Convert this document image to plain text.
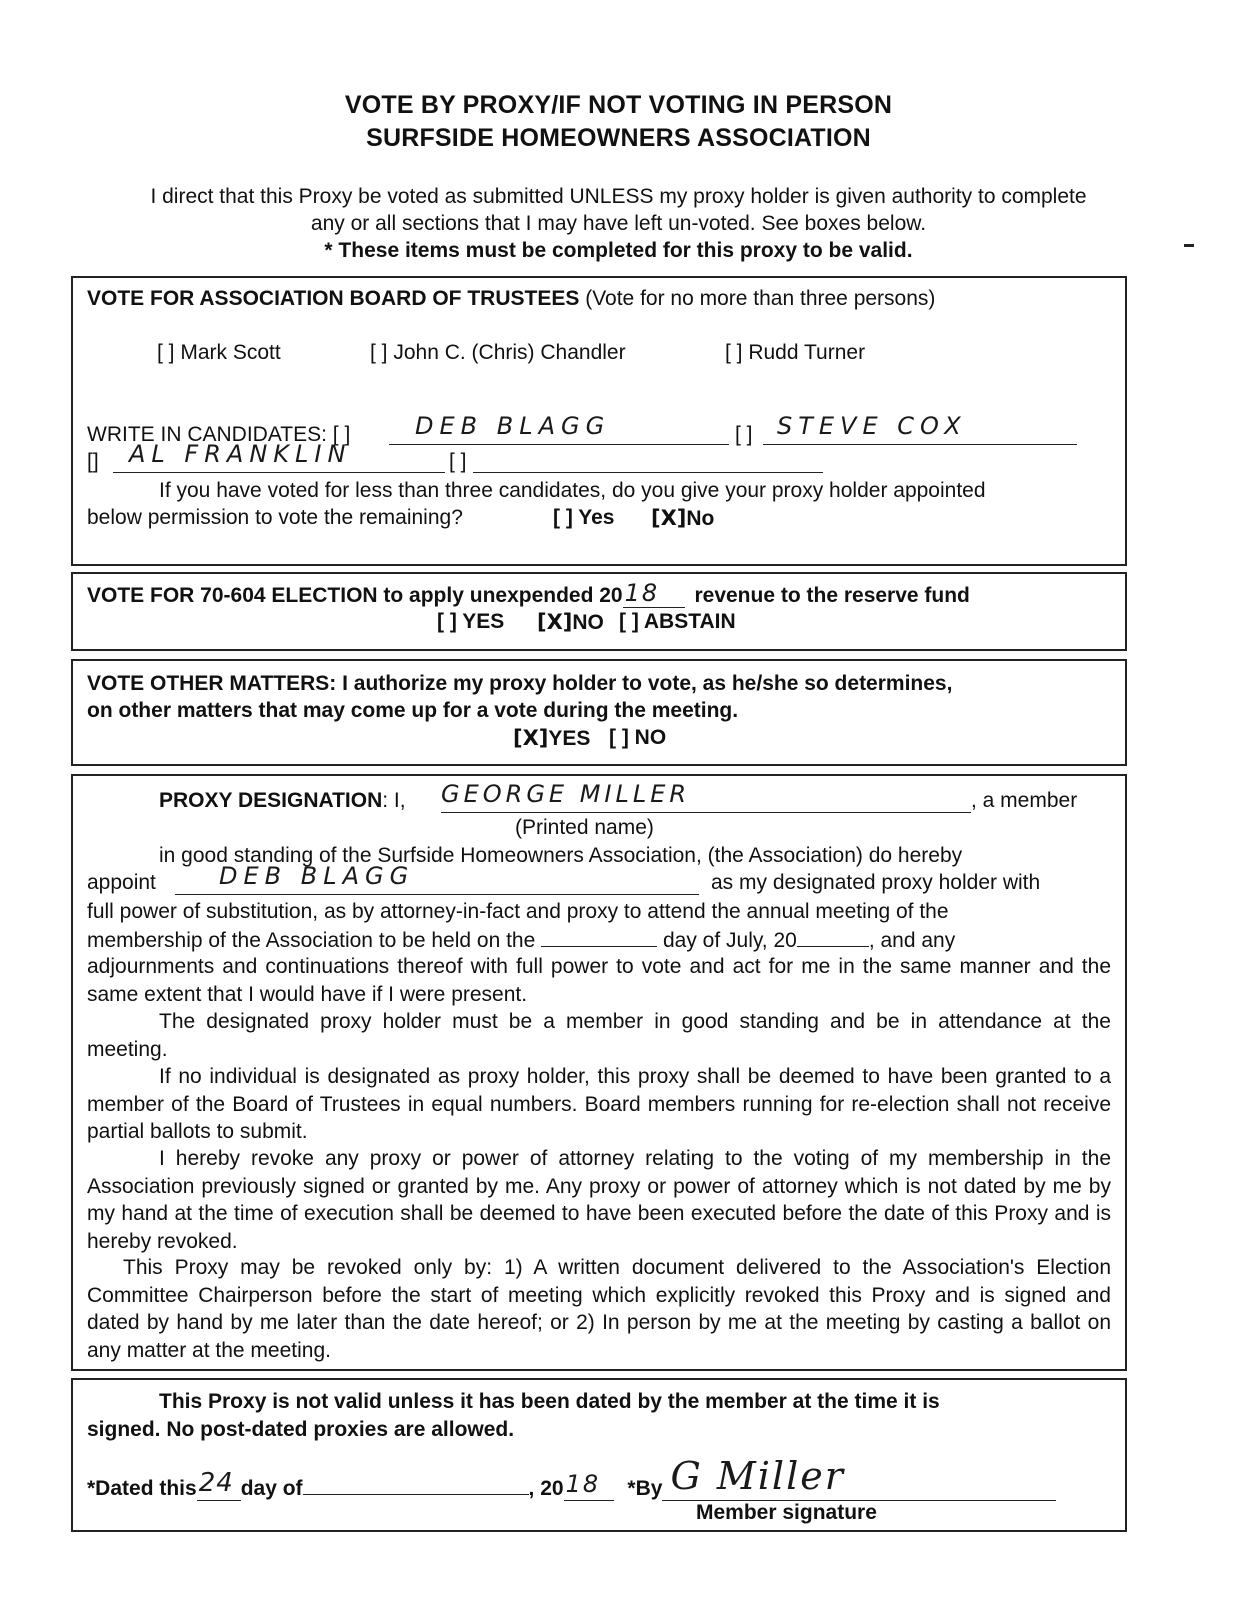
VOTE BY PROXY/IF NOT VOTING IN PERSON
SURFSIDE HOMEOWNERS ASSOCIATION
I direct that this Proxy be voted as submitted UNLESS my proxy holder is given authority to complete
any or all sections that I may have left un-voted. See boxes below.
* These items must be completed for this proxy to be valid.
VOTE FOR ASSOCIATION BOARD OF TRUSTEES (Vote for no more than three persons)
[ ] Mark Scott	[ ] John C. (Chris) Chandler	[ ] Rudd Turner
WRITE IN CANDIDATES: [ ]	DEB BLAGG	[ ] STEVE COX
[] AL FRANKLIN	[ ]
If you have voted for less than three candidates, do you give your proxy holder appointed
below permission to vote the remaining?	[ ] Yes [X]No
VOTE FOR 70-604 ELECTION to apply unexpended 20 18 revenue to the reserve fund
[ ] YES [X]NO [ ] ABSTAIN
VOTE OTHER MATTERS: I authorize my proxy holder to vote, as he/she so determines,
on other matters that may come up for a vote during the meeting.
[X]YES [ ] NO
PROXY DESIGNATION: I, GEORGE MILLER	, a member
(Printed name)
in good standing of the Surfside Homeowners Association, (the Association) do hereby
appoint	DEB BLAGG	as my designated proxy holder with
full power of substitution, as by attorney-in-fact and proxy to attend the annual meeting of the
membership of the Association to be held on the	day of July, 20	, and any
adjournments and continuations thereof with full power to vote and act for me in the same manner and the same extent that I would have if I were present.
The designated proxy holder must be a member in good standing and be in attendance at the meeting.
If no individual is designated as proxy holder, this proxy shall be deemed to have been granted to a member of the Board of Trustees in equal numbers. Board members running for re-election shall not receive partial ballots to submit.
I hereby revoke any proxy or power of attorney relating to the voting of my membership in the Association previously signed or granted by me. Any proxy or power of attorney which is not dated by me by my hand at the time of execution shall be deemed to have been executed before the date of this Proxy and is hereby revoked.
This Proxy may be revoked only by: 1) A written document delivered to the Association's Election Committee Chairperson before the start of meeting which explicitly revoked this Proxy and is signed and dated by hand by me later than the date hereof; or 2) In person by me at the meeting by casting a ballot on any matter at the meeting.
This Proxy is not valid unless it has been dated by the member at the time it is
signed. No post-dated proxies are allowed.
*Dated this 24 day of	, 20 18 *By G Miller
Member signature
